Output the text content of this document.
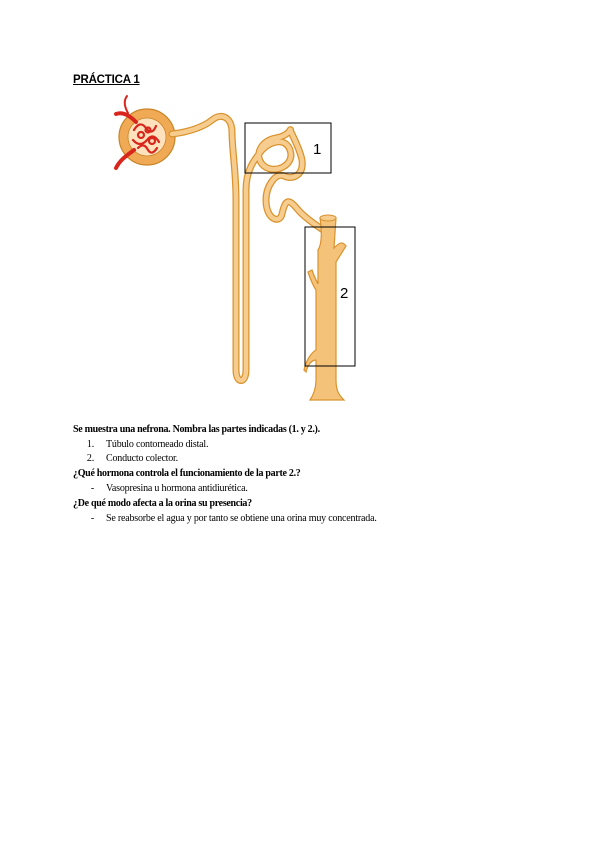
PRÁCTICA 1
1
2
Se muestra una nefrona. Nombra las partes indicadas (1. y 2.).
1. Túbulo contorneado distal.
2. Conducto colector.
¿Qué hormona controla el funcionamiento de la parte 2.?
- Vasopresina u hormona antidiurética.
¿De qué modo afecta a la orina su presencia?
- Se reabsorbe el agua y por tanto se obtiene una orina muy concentrada.
